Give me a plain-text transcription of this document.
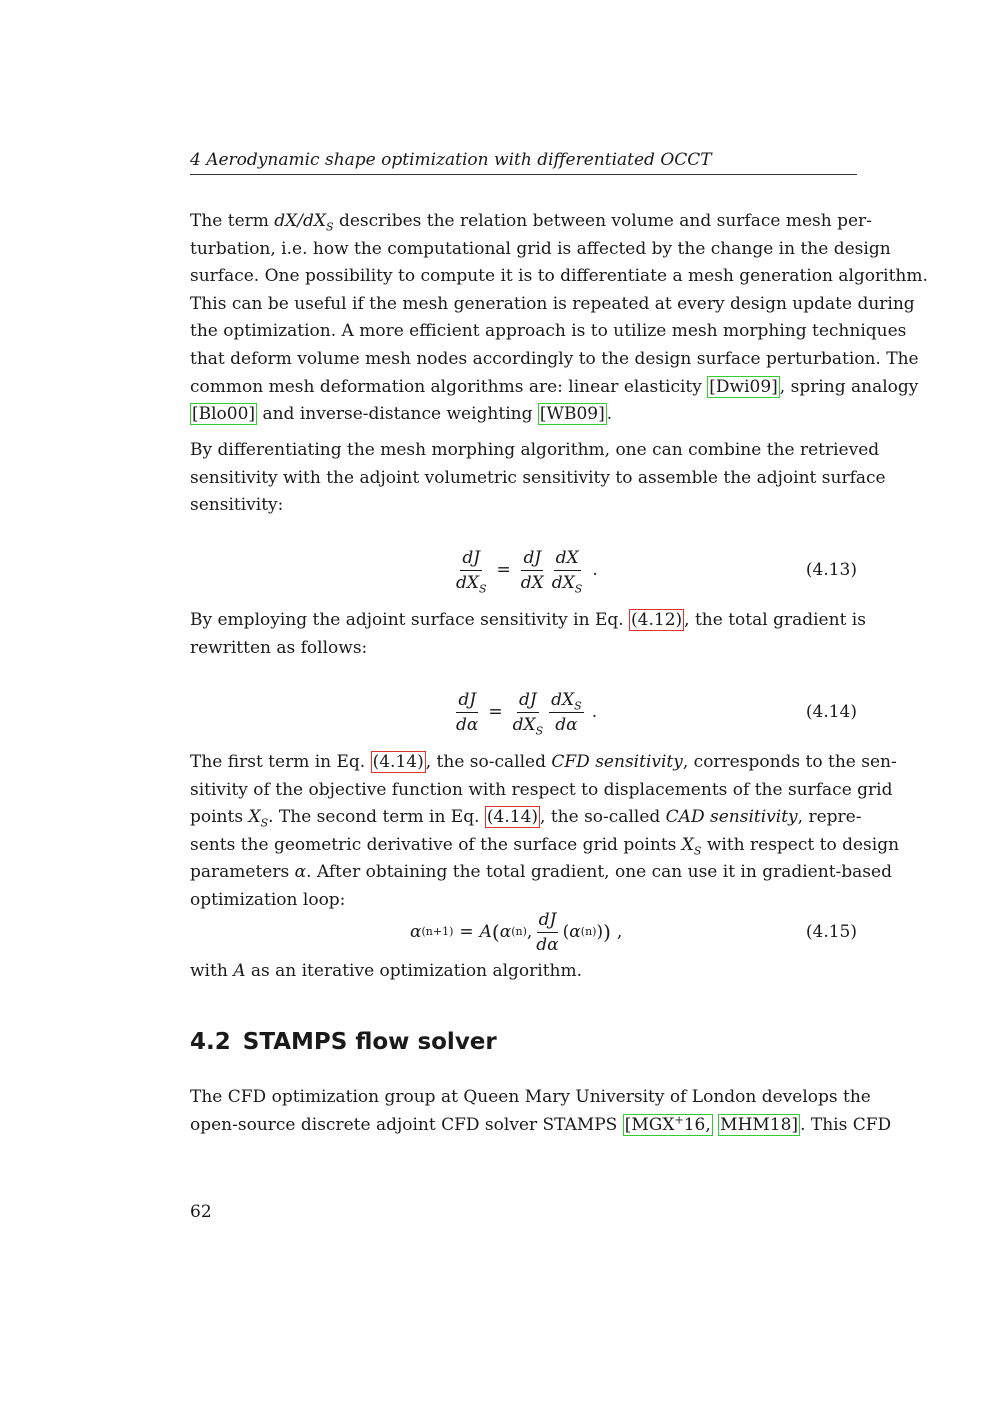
4 Aerodynamic shape optimization with differentiated OCCT
The term $dX/dX_S$ describes the relation between volume and surface mesh per-
turbation, i.e. how the computational grid is affected by the change in the design
surface. One possibility to compute it is to differentiate a mesh generation algorithm.
This can be useful if the mesh generation is repeated at every design update during
the optimization. A more efficient approach is to utilize mesh morphing techniques
that deform volume mesh nodes accordingly to the design surface perturbation. The
common mesh deformation algorithms are: linear elasticity [Dwi09] , spring analogy
[Blo00] and inverse-distance weighting [WB09] .
By differentiating the mesh morphing algorithm, one can combine the retrieved
sensitivity with the adjoint volumetric sensitivity to assemble the adjoint surface
sensitivity:
$\frac{dJ}{dX_S} = \frac{dJ}{dX} \frac{dX}{dX_S}$ .	(4.13)
By employing the adjoint surface sensitivity in Eq. (4.12) , the total gradient is
rewritten as follows:
$\frac{dJ}{d\alpha} = \frac{dJ}{dX_S} \frac{dX_S}{d\alpha}$ .	(4.14)
The first term in Eq. (4.14) , the so-called CFD sensitivity, corresponds to the sen-
sitivity of the objective function with respect to displacements of the surface grid
points $X_S$. The second term in Eq. (4.14) , the so-called CAD sensitivity, repre-
sents the geometric derivative of the surface grid points $X_S$ with respect to design
parameters α. After obtaining the total gradient, one can use it in gradient-based
optimization loop:
α (n+1) = A ( α (n) , $\frac{dJ}{d\alpha}$ ( α (n) ) ) ,	(4.15)
with A as an iterative optimization algorithm.
4.2 STAMPS flow solver
The CFD optimization group at Queen Mary University of London develops the
open-source discrete adjoint CFD solver STAMPS [MGX+16, MHM18] . This CFD
62
